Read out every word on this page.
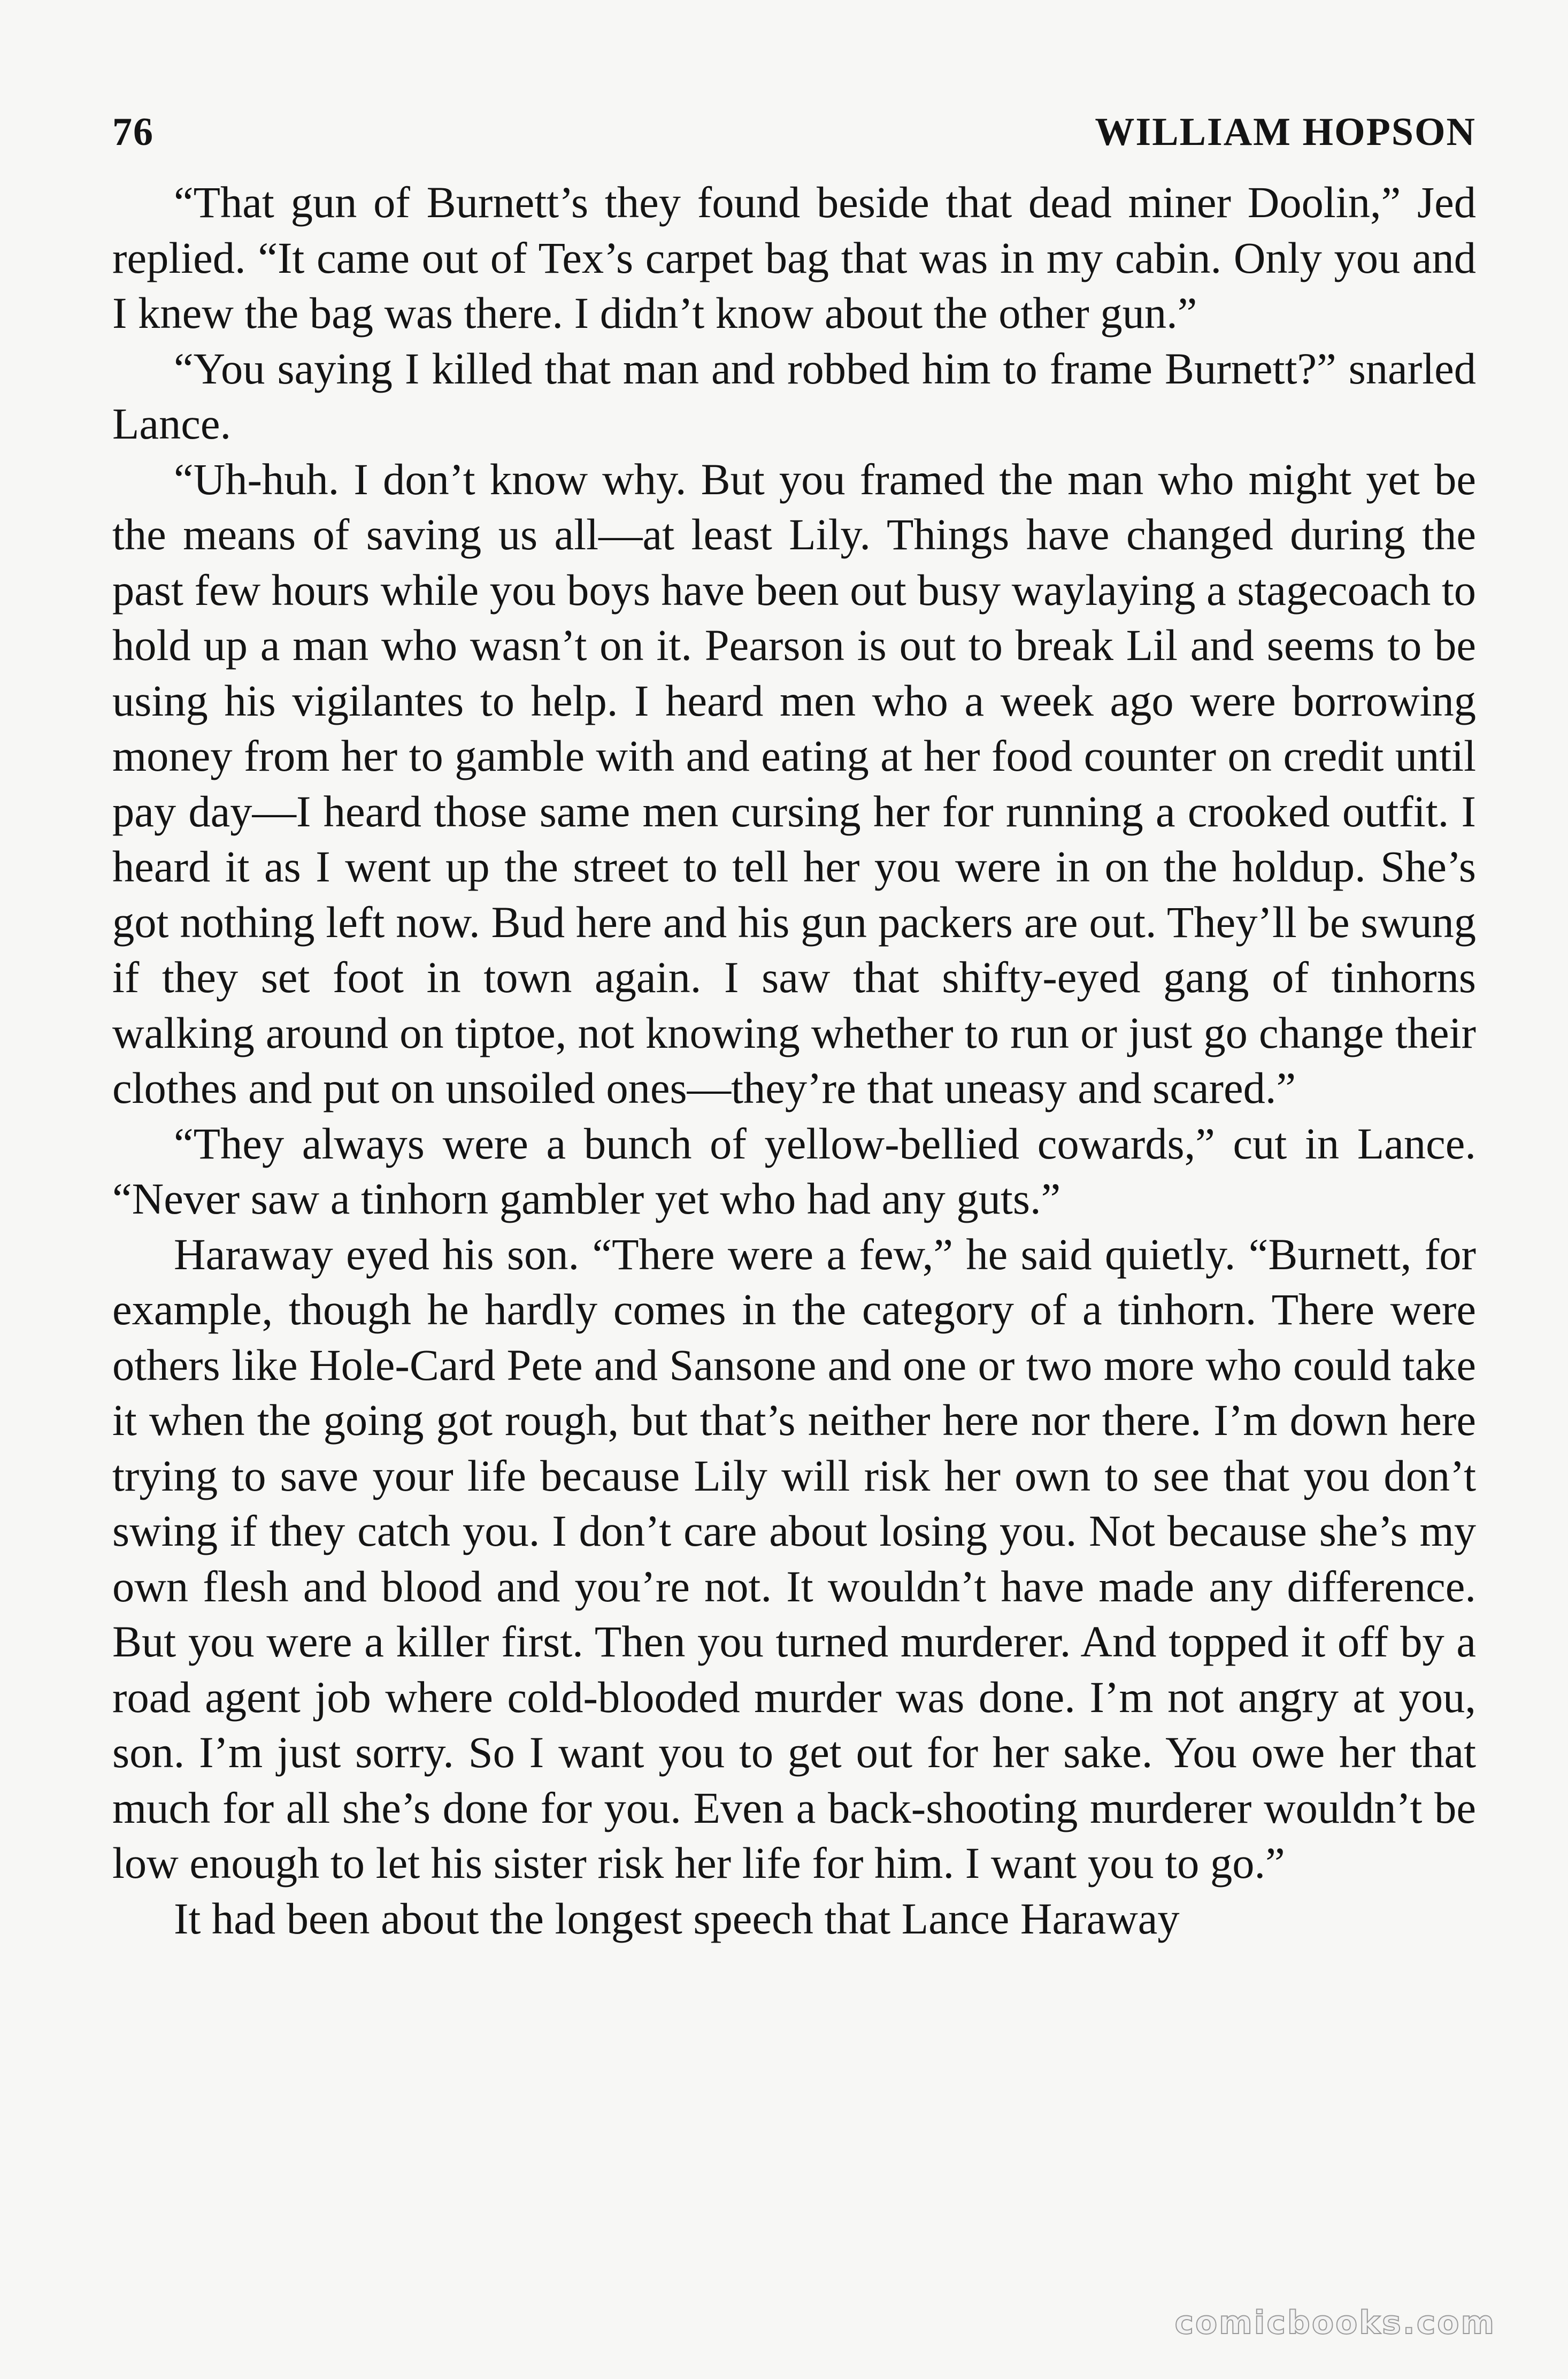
76	WILLIAM HOPSON

“That gun of Burnett’s they found beside that dead miner Doolin,” Jed replied. “It came out of Tex’s carpet bag that was in my cabin. Only you and I knew the bag was there. I didn’t know about the other gun.”

“You saying I killed that man and robbed him to frame Burnett?” snarled Lance.

“Uh-huh. I don’t know why. But you framed the man who might yet be the means of saving us all—at least Lily. Things have changed during the past few hours while you boys have been out busy waylaying a stagecoach to hold up a man who wasn’t on it. Pearson is out to break Lil and seems to be using his vigilantes to help. I heard men who a week ago were borrowing money from her to gamble with and eating at her food counter on credit until pay day—I heard those same men cursing her for running a crooked outfit. I heard it as I went up the street to tell her you were in on the holdup. She’s got nothing left now. Bud here and his gun packers are out. They’ll be swung if they set foot in town again. I saw that shifty-eyed gang of tinhorns walking around on tiptoe, not knowing whether to run or just go change their clothes and put on unsoiled ones—they’re that uneasy and scared.”

“They always were a bunch of yellow-bellied cowards,” cut in Lance. “Never saw a tinhorn gambler yet who had any guts.”

Haraway eyed his son. “There were a few,” he said quietly. “Burnett, for example, though he hardly comes in the category of a tinhorn. There were others like Hole-Card Pete and Sansone and one or two more who could take it when the going got rough, but that’s neither here nor there. I’m down here trying to save your life because Lily will risk her own to see that you don’t swing if they catch you. I don’t care about losing you. Not because she’s my own flesh and blood and you’re not. It wouldn’t have made any difference. But you were a killer first. Then you turned murderer. And topped it off by a road agent job where cold-blooded murder was done. I’m not angry at you, son. I’m just sorry. So I want you to get out for her sake. You owe her that much for all she’s done for you. Even a back-shooting murderer wouldn’t be low enough to let his sister risk her life for him. I want you to go.”

It had been about the longest speech that Lance Haraway

comicbooks.com
